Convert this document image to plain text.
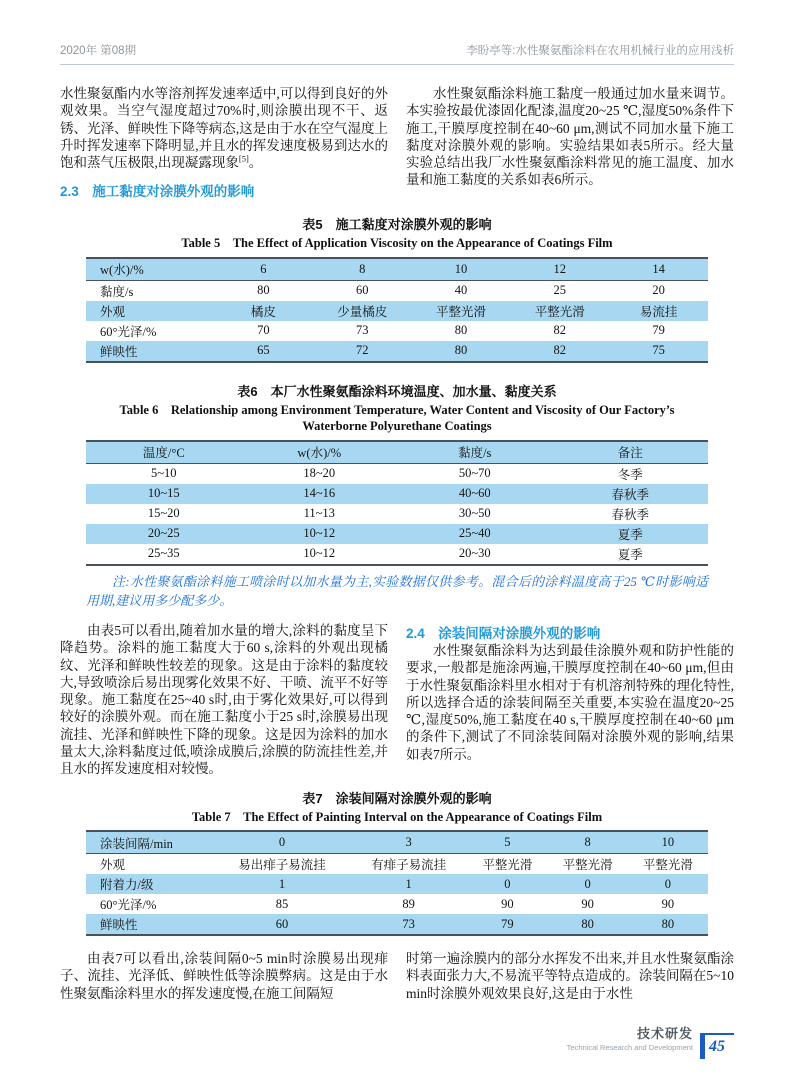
2020年 第08期	李盼亭等:水性聚氨酯涂料在农用机械行业的应用浅析

水性聚氨酯内水等溶剂挥发速率适中,可以得到良好的外观效果。当空气湿度超过70%时,则涂膜出现不干、返锈、光泽、鲜映性下降等病态,这是由于水在空气湿度上升时挥发速率下降明显,并且水的挥发速度极易到达水的饱和蒸气压极限,出现凝露现象[5]。

2.3　施工黏度对涂膜外观的影响

水性聚氨酯涂料施工黏度一般通过加水量来调节。本实验按最优漆固化配漆,温度20~25 ℃,湿度50%条件下施工,干膜厚度控制在40~60 μm,测试不同加水量下施工黏度对涂膜外观的影响。实验结果如表5所示。经大量实验总结出我厂水性聚氨酯涂料常见的施工温度、加水量和施工黏度的关系如表6所示。

表5　施工黏度对涂膜外观的影响
Table 5　The Effect of Application Viscosity on the Appearance of Coatings Film
w(水)/%	6	8	10	12	14
黏度/s	80	60	40	25	20
外观	橘皮	少量橘皮	平整光滑	平整光滑	易流挂
60°光泽/%	70	73	80	82	79
鲜映性	65	72	80	82	75
表6　本厂水性聚氨酯涂料环境温度、加水量、黏度关系
Table 6　Relationship among Environment Temperature, Water Content and Viscosity of Our Factory’s Waterborne Polyurethane Coatings
温度/°C	w(水)/%	黏度/s	备注
5~10	18~20	50~70	冬季
10~15	14~16	40~60	春秋季
15~20	11~13	30~50	春秋季
20~25	10~12	25~40	夏季
25~35	10~12	20~30	夏季

注:水性聚氨酯涂料施工喷涂时以加水量为主,实验数据仅供参考。混合后的涂料温度高于25 ℃时影响适用期,建议用多少配多少。

由表5可以看出,随着加水量的增大,涂料的黏度呈下降趋势。涂料的施工黏度大于60 s,涂料的外观出现橘纹、光泽和鲜映性较差的现象。这是由于涂料的黏度较大,导致喷涂后易出现雾化效果不好、干喷、流平不好等现象。施工黏度在25~40 s时,由于雾化效果好,可以得到较好的涂膜外观。而在施工黏度小于25 s时,涂膜易出现流挂、光泽和鲜映性下降的现象。这是因为涂料的加水量太大,涂料黏度过低,喷涂成膜后,涂膜的防流挂性差,并且水的挥发速度相对较慢。

2.4　涂装间隔对涂膜外观的影响

水性聚氨酯涂料为达到最佳涂膜外观和防护性能的要求,一般都是施涂两遍,干膜厚度控制在40~60 μm,但由于水性聚氨酯涂料里水相对于有机溶剂特殊的理化特性,所以选择合适的涂装间隔至关重要,本实验在温度20~25 ℃,湿度50%,施工黏度在40 s,干膜厚度控制在40~60 μm的条件下,测试了不同涂装间隔对涂膜外观的影响,结果如表7所示。

表7　涂装间隔对涂膜外观的影响
Table 7　The Effect of Painting Interval on the Appearance of Coatings Film
涂装间隔/min	0	3	5	8	10
外观	易出痱子易流挂	有痱子易流挂	平整光滑	平整光滑	平整光滑
附着力/级	1	1	0	0	0
60°光泽/%	85	89	90	90	90
鲜映性	60	73	79	80	80

由表7可以看出,涂装间隔0~5 min时涂膜易出现痱子、流挂、光泽低、鲜映性低等涂膜弊病。这是由于水性聚氨酯涂料里水的挥发速度慢,在施工间隔短

时第一遍涂膜内的部分水挥发不出来,并且水性聚氨酯涂料表面张力大,不易流平等特点造成的。涂装间隔在5~10 min时涂膜外观效果良好,这是由于水性

技术研发
Technical Research and Development 45
